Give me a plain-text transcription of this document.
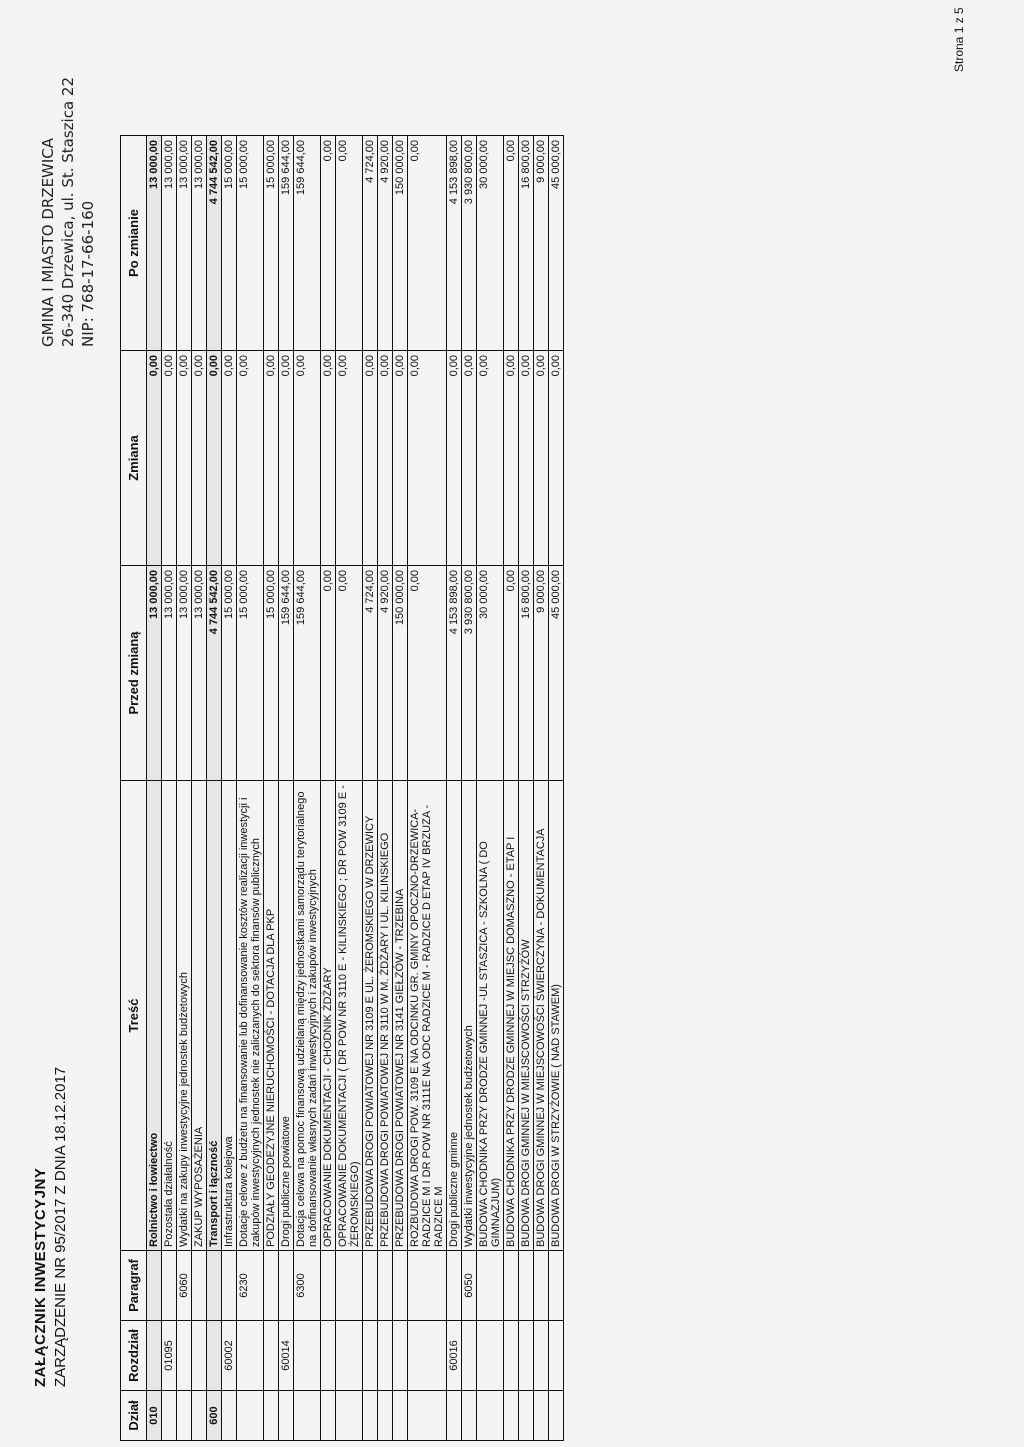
ZAŁĄCZNIK INWESTYCYJNY ZARZĄDZENIE NR 95/2017 Z DNIA 18.12.2017
GMINA I MIASTO DRZEWICA 26-340 Drzewica, ul. St. Staszica 22 NIP: 768-17-66-160
Dział	Rozdział	Paragraf	Treść	Przed zmianą	Zmiana	Po zmianie
010			Rolnictwo i łowiectwo	13 000,00	0,00	13 000,00
	01095		Pozostała działalność	13 000,00	0,00	13 000,00
		6060	Wydatki na zakupy inwestycyjne jednostek budżetowych	13 000,00	0,00	13 000,00
			ZAKUP WYPOSAŻENIA	13 000,00	0,00	13 000,00
600			Transport i łączność	4 744 542,00	0,00	4 744 542,00
	60002		Infrastruktura kolejowa	15 000,00	0,00	15 000,00
		6230	Dotacje celowe z budżetu na finansowanie lub dofinansowanie kosztów realizacji inwestycji i zakupów inwestycyjnych jednostek nie zaliczanych do sektora finansów publicznych	15 000,00	0,00	15 000,00
			PODZIAŁY GEODEZYJNE NIERUCHOMOŚCI - DOTACJA DLA PKP	15 000,00	0,00	15 000,00
	60014		Drogi publiczne powiatowe	159 644,00	0,00	159 644,00
		6300	Dotacja celowa na pomoc finansową udzielaną między jednostkami samorządu terytorialnego na dofinansowanie własnych zadań inwestycyjnych i zakupów inwestycyjnych	159 644,00	0,00	159 644,00
			OPRACOWANIE DOKUMENTACJI - CHODNIK ŻDŻARY	0,00	0,00	0,00
			OPRACOWANIE DOKUMENTACJI ( DR POW NR 3110 E - KILINSKIEGO ; DR POW 3109 E - ŻEROMSKIEGO)	0,00	0,00	0,00
			PRZEBUDOWA DROGI POWIATOWEJ NR 3109 E UL. ŻEROMSKIEGO W DRZEWICY	4 724,00	0,00	4 724,00
			PRZEBUDOWA DROGI POWIATOWEJ NR 3110 W M. ŻDŻARY I UL. KILINSKIEGO	4 920,00	0,00	4 920,00
			PRZEBUDOWA DROGI POWIATOWEJ NR 3141 GIEŁZÓW - TRZEBINA	150 000,00	0,00	150 000,00
			ROZBUDOWA DROGI POW. 3109 E NA ODCINKU GR. GMINY OPOCZNO-DRZEWICA-RADZICE M I DR POW NR 3111E NA ODC RADZICE M - RADZICE D ETAP IV BRZUZA - RADZICE M	0,00	0,00	0,00
	60016		Drogi publiczne gminne	4 153 898,00	0,00	4 153 898,00
		6050	Wydatki inwestycyjne jednostek budżetowych	3 930 800,00	0,00	3 930 800,00
			BUDOWA CHODNIKA PRZY DRODZE GMINNEJ -UL STASZICA - SZKOLNA ( DO GIMNAZJUM)	30 000,00	0,00	30 000,00
			BUDOWA CHODNIKA PRZY DRODZE GMINNEJ W MIEJSC DOMASZNO - ETAP I	0,00	0,00	0,00
			BUDOWA DROGI GMINNEJ W MIEJSCOWOŚCI STRZYŻÓW	16 800,00	0,00	16 800,00
			BUDOWA DROGI GMINNEJ W MIEJSCOWOŚCI ŚWIERCZYNA - DOKUMENTACJA	9 000,00	0,00	9 000,00
			BUDOWA DROGI W STRZYŻOWIE ( NAD STAWEM)	45 000,00	0,00	45 000,00
Strona 1 z 5
